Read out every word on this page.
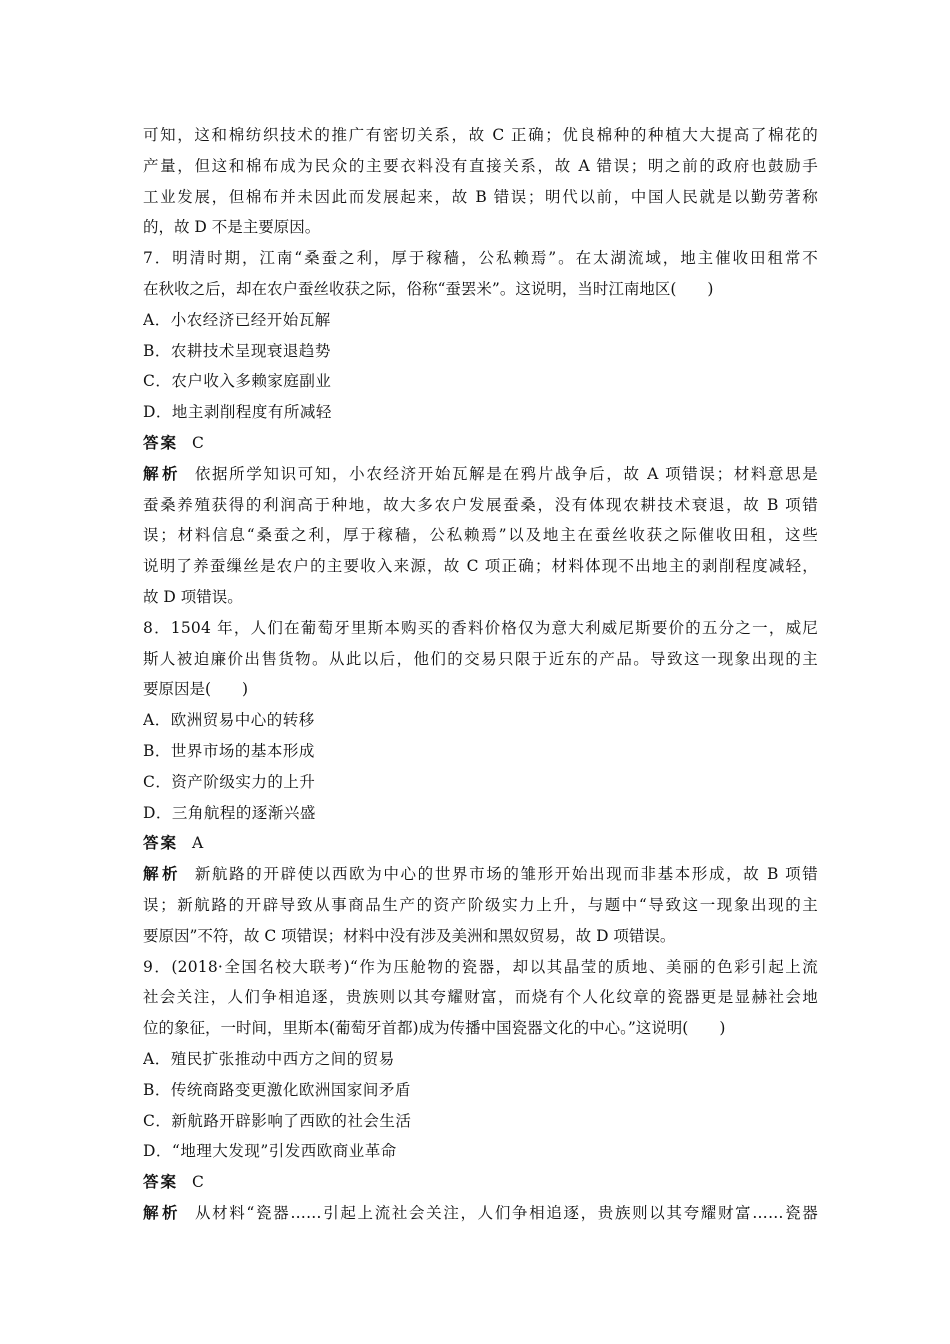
可知，这和棉纺织技术的推广有密切关系，故 C 正确；优良棉种的种植大大提高了棉花的
产量，但这和棉布成为民众的主要衣料没有直接关系，故 A 错误；明之前的政府也鼓励手
工业发展，但棉布并未因此而发展起来，故 B 错误；明代以前，中国人民就是以勤劳著称
的，故 D 不是主要原因。
7．明清时期，江南“桑蚕之利，厚于稼穑，公私赖焉”。在太湖流域，地主催收田租常不
在秋收之后，却在农户蚕丝收获之际，俗称“蚕罢米”。这说明，当时江南地区(　　)
A．小农经济已经开始瓦解
B．农耕技术呈现衰退趋势
C．农户收入多赖家庭副业
D．地主剥削程度有所减轻
答案 C
解析 依据所学知识可知，小农经济开始瓦解是在鸦片战争后，故 A 项错误；材料意思是
蚕桑养殖获得的利润高于种地，故大多农户发展蚕桑，没有体现农耕技术衰退，故 B 项错
误；材料信息“桑蚕之利，厚于稼穑，公私赖焉”以及地主在蚕丝收获之际催收田租，这些
说明了养蚕缫丝是农户的主要收入来源，故 C 项正确；材料体现不出地主的剥削程度减轻，
故 D 项错误。
8．1504 年，人们在葡萄牙里斯本购买的香料价格仅为意大利威尼斯要价的五分之一，威尼
斯人被迫廉价出售货物。从此以后，他们的交易只限于近东的产品。导致这一现象出现的主
要原因是(　　)
A．欧洲贸易中心的转移
B．世界市场的基本形成
C．资产阶级实力的上升
D．三角航程的逐渐兴盛
答案 A
解析 新航路的开辟使以西欧为中心的世界市场的雏形开始出现而非基本形成，故 B 项错
误；新航路的开辟导致从事商品生产的资产阶级实力上升，与题中“导致这一现象出现的主
要原因”不符，故 C 项错误；材料中没有涉及美洲和黑奴贸易，故 D 项错误。
9．(2018·全国名校大联考)“作为压舱物的瓷器，却以其晶莹的质地、美丽的色彩引起上流
社会关注，人们争相追逐，贵族则以其夸耀财富，而烧有个人化纹章的瓷器更是显赫社会地
位的象征，一时间，里斯本(葡萄牙首都)成为传播中国瓷器文化的中心。”这说明(　　)
A．殖民扩张推动中西方之间的贸易
B．传统商路变更激化欧洲国家间矛盾
C．新航路开辟影响了西欧的社会生活
D．“地理大发现”引发西欧商业革命
答案 C
解析 从材料“瓷器……引起上流社会关注，人们争相追逐，贵族则以其夸耀财富……瓷器
